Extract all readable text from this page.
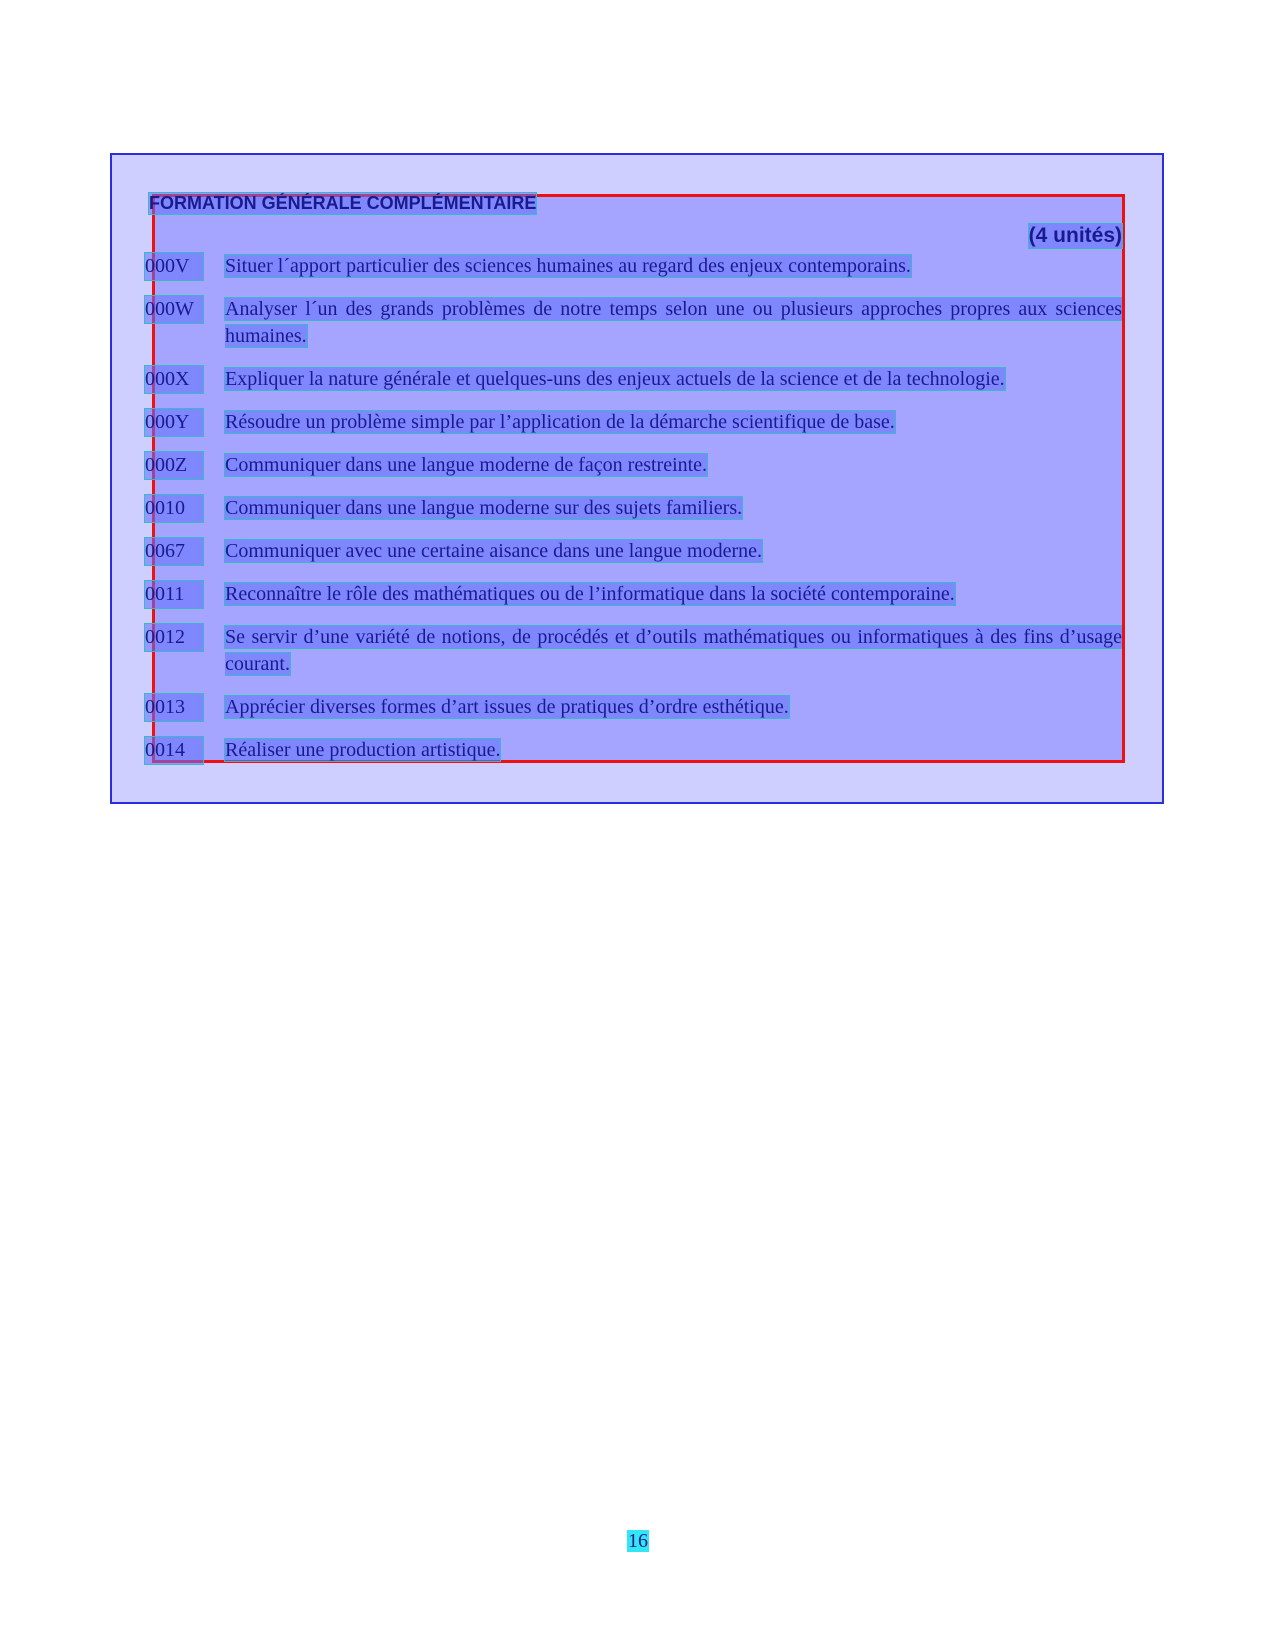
FORMATION GÉNÉRALE COMPLÉMENTAIRE
(4 unités)
000V	Situer l´apport particulier des sciences humaines au regard des enjeux contemporains.
000W	Analyser l´un des grands problèmes de notre temps selon une ou plusieurs approches propres aux sciences humaines.
000X	Expliquer la nature générale et quelques-uns des enjeux actuels de la science et de la technologie.
000Y	Résoudre un problème simple par l’application de la démarche scientifique de base.
000Z	Communiquer dans une langue moderne de façon restreinte.
0010	Communiquer dans une langue moderne sur des sujets familiers.
0067	Communiquer avec une certaine aisance dans une langue moderne.
0011	Reconnaître le rôle des mathématiques ou de l’informatique dans la société contemporaine.
0012	Se servir d’une variété de notions, de procédés et d’outils mathématiques ou informatiques à des fins d’usage courant.
0013	Apprécier diverses formes d’art issues de pratiques d’ordre esthétique.
0014	Réaliser une production artistique.
16
